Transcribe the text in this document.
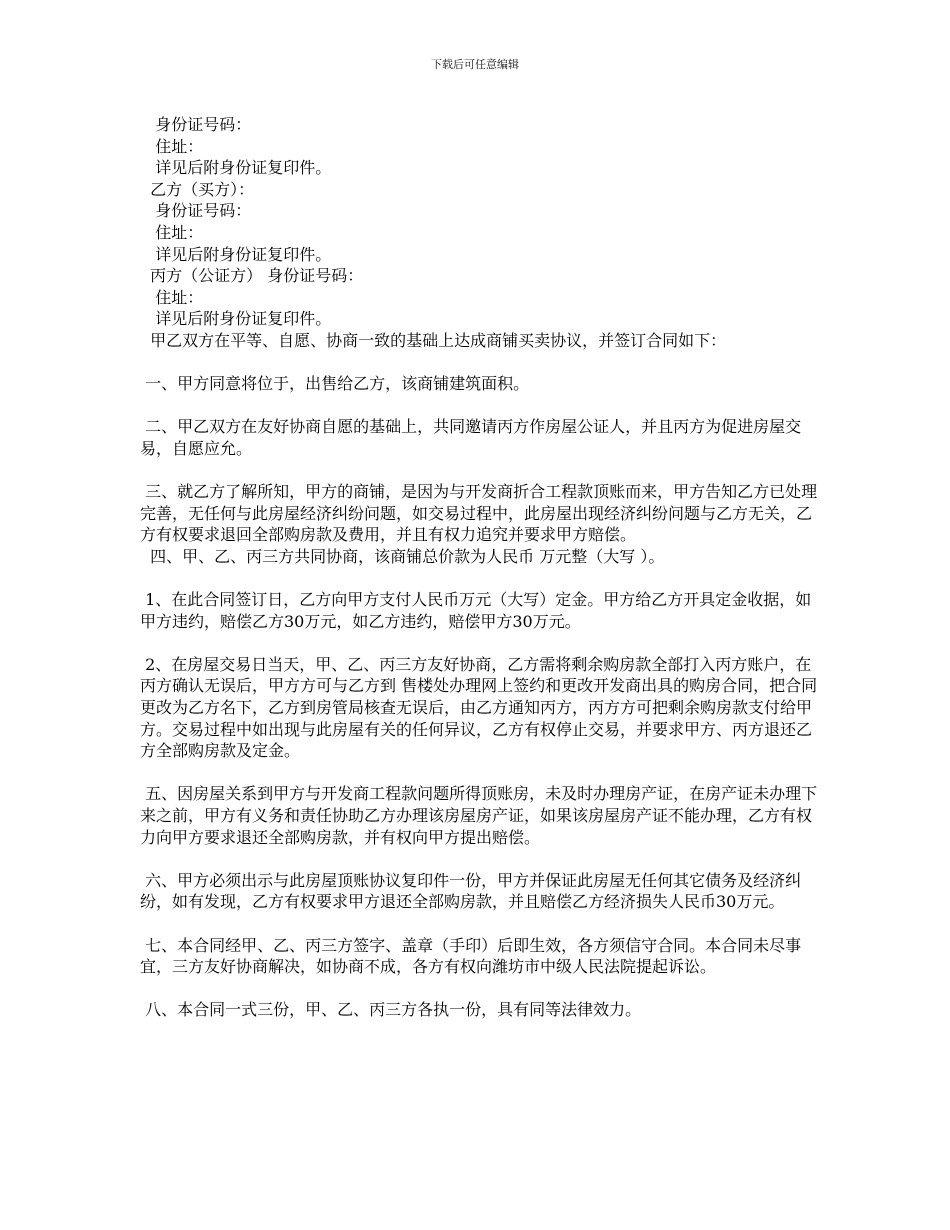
下载后可任意编辑
身份证号码：
住址：
详见后附身份证复印件。
乙方（买方）：
身份证号码：
住址：
详见后附身份证复印件。
丙方（公证方） 身份证号码：
住址：
详见后附身份证复印件。
甲乙双方在平等、自愿、协商一致的基础上达成商铺买卖协议，并签订合同如下：
一、甲方同意将位于，出售给乙方，该商铺建筑面积。
二、甲乙双方在友好协商自愿的基础上，共同邀请丙方作房屋公证人，并且丙方为促进房屋交易，自愿应允。
三、就乙方了解所知，甲方的商铺，是因为与开发商折合工程款顶账而来，甲方告知乙方已处理完善，无任何与此房屋经济纠纷问题，如交易过程中，此房屋出现经济纠纷问题与乙方无关，乙方有权要求退回全部购房款及费用，并且有权力追究并要求甲方赔偿。
四、甲、乙、丙三方共同协商，该商铺总价款为人民币 万元整（大写 ）。
1、在此合同签订日，乙方向甲方支付人民币万元（大写）定金。甲方给乙方开具定金收据，如甲方违约，赔偿乙方30万元，如乙方违约，赔偿甲方30万元。
2、在房屋交易日当天，甲、乙、丙三方友好协商，乙方需将剩余购房款全部打入丙方账户，在丙方确认无误后，甲方方可与乙方到 售楼处办理网上签约和更改开发商出具的购房合同，把合同更改为乙方名下，乙方到房管局核查无误后，由乙方通知丙方，丙方方可把剩余购房款支付给甲方。交易过程中如出现与此房屋有关的任何异议，乙方有权停止交易，并要求甲方、丙方退还乙方全部购房款及定金。
五、因房屋关系到甲方与开发商工程款问题所得顶账房，未及时办理房产证，在房产证未办理下来之前，甲方有义务和责任协助乙方办理该房屋房产证，如果该房屋房产证不能办理，乙方有权力向甲方要求退还全部购房款，并有权向甲方提出赔偿。
六、甲方必须出示与此房屋顶账协议复印件一份，甲方并保证此房屋无任何其它债务及经济纠纷，如有发现，乙方有权要求甲方退还全部购房款，并且赔偿乙方经济损失人民币30万元。
七、本合同经甲、乙、丙三方签字、盖章（手印）后即生效，各方须信守合同。本合同未尽事宜，三方友好协商解决，如协商不成，各方有权向潍坊市中级人民法院提起诉讼。
八、本合同一式三份，甲、乙、丙三方各执一份，具有同等法律效力。
